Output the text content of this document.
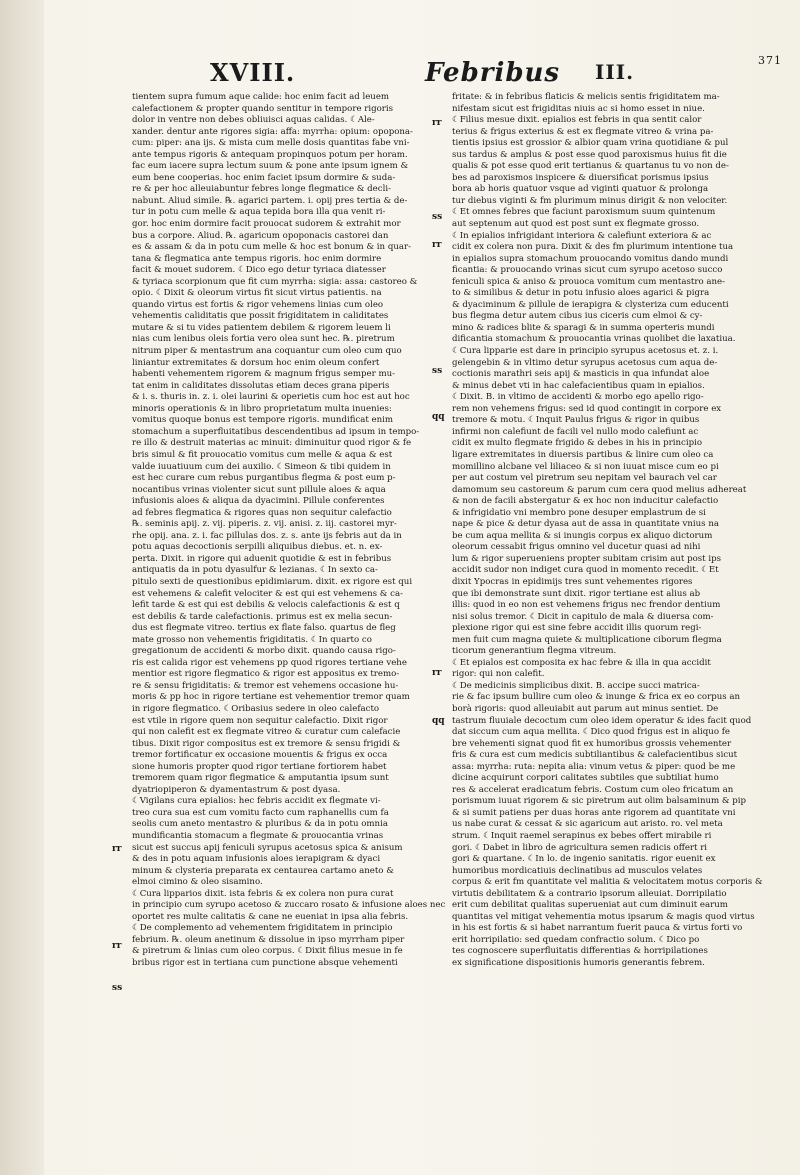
XVIII.	Febribus III.	371
tientem supra fumum aque calide: hoc enim facit ad leuem
calefactionem & propter quando sentitur in tempore rigoris
dolor in ventre non debes obliuisci aquas calidas. ☾Ale-
xander. dentur ante rigores sigia: affa: myrrha: opium: opopona-
cum: piper: ana ijs. & mista cum melle dosis quantitas fabe vni-
ante tempus rigoris & antequam propinquos potum per horam.
fac eum iacere supra lectum suum & pone ante ipsum ignem &
eum bene cooperias. hoc enim faciet ipsum dormire & suda-
re & per hoc alleuiabuntur febres longe flegmatice & decli-
nabunt. Aliud simile. ℞. agarici partem. i. opij pres tertia & de-
tur in potu cum melle & aqua tepida bora illa qua venit ri-
gor. hoc enim dormire facit prouocat sudorem & extrahit mor
bus a corpore. Aliud. ℞. agaricum opoponacis castorei dan
es & assam & da in potu cum melle & hoc est bonum & in quar-
tana & flegmatica ante tempus rigoris. hoc enim dormire
facit & mouet sudorem. ☾Dico ego detur tyriaca diatesser
& tyriaca scorpionum que fit cum myrrha: sigia: assa: castoreo &
opio. ☾Dixit & oleorum virtus fit sicut virtus patientis. na
quando virtus est fortis & rigor vehemens linias cum oleo
vehementis caliditatis que possit frigiditatem in caliditates
mutare & si tu vides patientem debilem & rigorem leuem li
nias cum lenibus oleis fortia vero olea sunt hec. ℞. piretrum
nitrum piper & mentastrum ana coquantur cum oleo cum quo
liniantur extremitates & dorsum hoc enim oleum confert
habenti vehementem rigorem & magnum frigus semper mu-
tat enim in caliditates dissolutas etiam deces grana piperis
& i. s. thuris in. z. i. olei laurini & operietis cum hoc est aut hoc
minoris operationis & in libro proprietatum multa inuenies:
vomitus quoque bonus est tempore rigoris. mundificat enim
stomachum a superfluitatibus descendentibus ad ipsum in tempo-
re illo & destruit materias ac minuit: diminuitur quod rigor & fe
bris simul & fit prouocatio vomitus cum melle & aqua & est
valde iuuatiuum cum dei auxilio. ☾Simeon & tibi quidem in
est hec curare cum rebus purgantibus flegma & post eum p-
nocantibus vrinas violenter sicut sunt pillule aloes & aqua
infusionis aloes & aliqua da dyacimini. Pillule conferentes
ad febres flegmatica & rigores quas non sequitur calefactio
℞. seminis apij. z. vij. piperis. z. vij. anisi. z. iij. castorei myr-
rhe opij. ana. z. i. fac pillulas dos. z. s. ante ijs febris aut da in
potu aquas decoctionis serpilli aliquibus diebus. et. n. ex-
perta. Dixit. in rigore qui aduenit quotidie & est in febribus
antiquatis da in potu dyasulfur & lezianas. ☾In sexto ca-
pitulo sexti de questionibus epidimiarum. dixit. ex rigore est qui
est vehemens & calefit velociter & est qui est vehemens & ca-
lefit tarde & est qui est debilis & velocis calefactionis & est q
est debilis & tarde calefactionis. primus est ex melia secun-
dus est flegmate vitreo. tertius ex flate falso. quartus de fleg
mate grosso non vehementis frigiditatis. ☾In quarto co
gregationum de accidenti & morbo dixit. quando causa rigo-
ris est calida rigor est vehemens pp quod rigores tertiane vehe
mentior est rigore flegmatico & rigor est appositus ex tremo-
re & sensu frigiditatis: & tremor est vehemens occasione hu-
moris & pp hoc in rigore tertiane est vehementior tremor quam
in rigore flegmatico. ☾Oribasius sedere in oleo calefacto
est vtile in rigore quem non sequitur calefactio. Dixit rigor
qui non calefit est ex flegmate vitreo & curatur cum calefacie
tibus. Dixit rigor compositus est ex tremore & sensu frigidi &
tremor fortificatur ex occasione mouentis & frigus ex occa
sione humoris propter quod rigor tertiane fortiorem habet
tremorem quam rigor flegmatice & amputantia ipsum sunt
dyatriopiperon & dyamentastrum & post dyasa.
☾Vigilans cura epialios: hec febris accidit ex flegmate vi-
treo cura sua est cum vomitu facto cum raphanellis cum fa
seolis cum aneto mentastro & pluribus & da in potu omnia
mundificantia stomacum a flegmate & prouocantia vrinas
sicut est succus apij feniculi syrupus acetosus spica & anisum
& des in potu aquam infusionis aloes ierapigram & dyaci
minum & clysteria preparata ex centaurea cartamo aneto &
elmoi cimino & oleo sisamino.
☾Cura lipparios dixit. ista febris & ex colera non pura curat
in principio cum syrupo acetoso & zuccaro rosato & infusione aloes nec
oportet res multe calitatis & cane ne eueniat in ipsa alia febris.
☾De complemento ad vehementem frigiditatem in principio
febrium. ℞. oleum anetinum & dissolue in ipso myrrham piper
& piretrum & linias cum oleo corpus. ☾Dixit filius mesue in fe
bribus rigor est in tertiana cum punctione absque vehementi
fritate: & in febribus flaticis & melicis sentis frigiditatem ma-
nifestam sicut est frigiditas niuis ac si homo esset in niue.
☾Filius mesue dixit. epialios est febris in qua sentit calor
terius & frigus exterius & est ex flegmate vitreo & vrina pa-
tientis ipsius est grossior & albior quam vrina quotidiane & pul
sus tardus & amplus & post esse quod paroxismus huius fit die
qualis & pot esse quod erit tertianus & quartanus tu vo non de-
bes ad paroxismos inspicere & diuersificat porismus ipsius
bora ab horis quatuor vsque ad viginti quatuor & prolonga
tur diebus viginti & fm plurimum minus dirigit & non velociter.
☾Et omnes febres que faciunt paroxismum suum quintenum
aut septenum aut quod est post sunt ex flegmate grosso.
☾In epialios infrigidant interiora & calefiunt exteriora & ac
cidit ex colera non pura. Dixit & des fm plurimum intentione tua
in epialios supra stomachum prouocando vomitus dando mundi
ficantia: & prouocando vrinas sicut cum syrupo acetoso succo
feniculi spica & aniso & prouoca vomitum cum mentastro ane-
to & similibus & detur in potu infusio aloes agarici & pigra
& dyaciminum & pillule de ierapigra & clysteriza cum educenti
bus flegma detur autem cibus ius ciceris cum elmoi & cy-
mino & radices blite & sparagi & in summa operteris mundi
dificantia stomachum & prouocantia vrinas quolibet die laxatiua.
☾Cura lipparie est dare in principio syrupus acetosus et. z. i.
gelengebin & in vltimo detur syrupus acetosus cum aqua de-
coctionis marathri seis apij & masticis in qua infundat aloe
& minus debet vti in hac calefacientibus quam in epialios.
☾Dixit. B. in vltimo de accidenti & morbo ego apello rigo-
rem non vehemens frigus: sed id quod contingit in corpore ex
tremore & motu. ☾Inquit Paulus frigus & rigor in quibus
infirmi non calefiunt de facili vel nullo modo calefiunt ac
cidit ex multo flegmate frigido & debes in his in principio
ligare extremitates in diuersis partibus & linire cum oleo ca
momillino alcbane vel liliaceo & si non iuuat misce cum eo pi
per aut costum vel piretrum seu nepitam vel baurach vel car
damomum seu castoreum & parum cum cera quod melius adhereat
& non de facili abstergatur & ex hoc non inducitur calefactio
& infrigidatio vni membro pone desuper emplastrum de si
nape & pice & detur dyasa aut de assa in quantitate vnius na
be cum aqua mellita & si inungis corpus ex aliquo dictorum
oleorum cessabit frigus omnino vel ducetur quasi ad nihi
lum & rigor superueniens propter subitam crisim aut post ips
accidit sudor non indiget cura quod in momento recedit. ☾Et
dixit Ypocras in epidimijs tres sunt vehementes rigores
que ibi demonstrate sunt dixit. rigor tertiane est alius ab
illis: quod in eo non est vehemens frigus nec frendor dentium
nisi solus tremor. ☾Dicit in capitulo de mala & diuersa com-
plexione rigor qui est sine febre accidit illis quorum regi-
men fuit cum magna quiete & multiplicatione ciborum flegma
ticorum generantium flegma vitreum.
☾Et epialos est composita ex hac febre & illa in qua accidit
rigor: qui non calefit.
☾De medicinis simplicibus dixit. B. accipe succi matrica-
rie & fac ipsum bullire cum oleo & inunge & frica ex eo corpus an
borà rigoris: quod alleuiabit aut parum aut minus sentiet. De
tastrum fluuiale decoctum cum oleo idem operatur & ides facit quod
dat siccum cum aqua mellita. ☾Dico quod frigus est in aliquo fe
bre vehementi signat quod fit ex humoribus grossis vehementer
fris & cura est cum medicis subtiliantibus & calefacientibus sicut
assa: myrrha: ruta: nepita alia: vinum vetus & piper: quod be me
dicine acquirunt corpori calitates subtiles que subtiliat humo
res & accelerat eradicatum febris. Costum cum oleo fricatum an
porismum iuuat rigorem & sic piretrum aut olim balsaminum & pip
& si sumit patiens per duas horas ante rigorem ad quantitate vni
us nabe curat & cessat & sic agaricum aut aristo. ro. vel meta
strum. ☾Inquit raemel serapinus ex bebes offert mirabile ri
gori. ☾Dabet in libro de agricultura semen radicis offert ri
gori & quartane. ☾In lo. de ingenio sanitatis. rigor euenit ex
humoribus mordicatiuis declinatibus ad musculos velates
corpus & erit fm quantitate vel malitia & velocitatem motus corporis &
virtutis debilitatem & a contrario ipsorum alleuiat. Dorripilatio
erit cum debilitat qualitas superueniat aut cum diminuit earum
quantitas vel mitigat vehementia motus ipsarum & magis quod virtus
in his est fortis & si habet narrantum fuerit pauca & virtus forti vo
erit horripilatio: sed quedam confractio solum. ☾Dico po
tes cognoscere superfluitatis differentias & horripilationes
ex significatione dispositionis humoris generantis febrem.
rr
rr
ss
rr
ss
rr
ss
qq
rr
qq
